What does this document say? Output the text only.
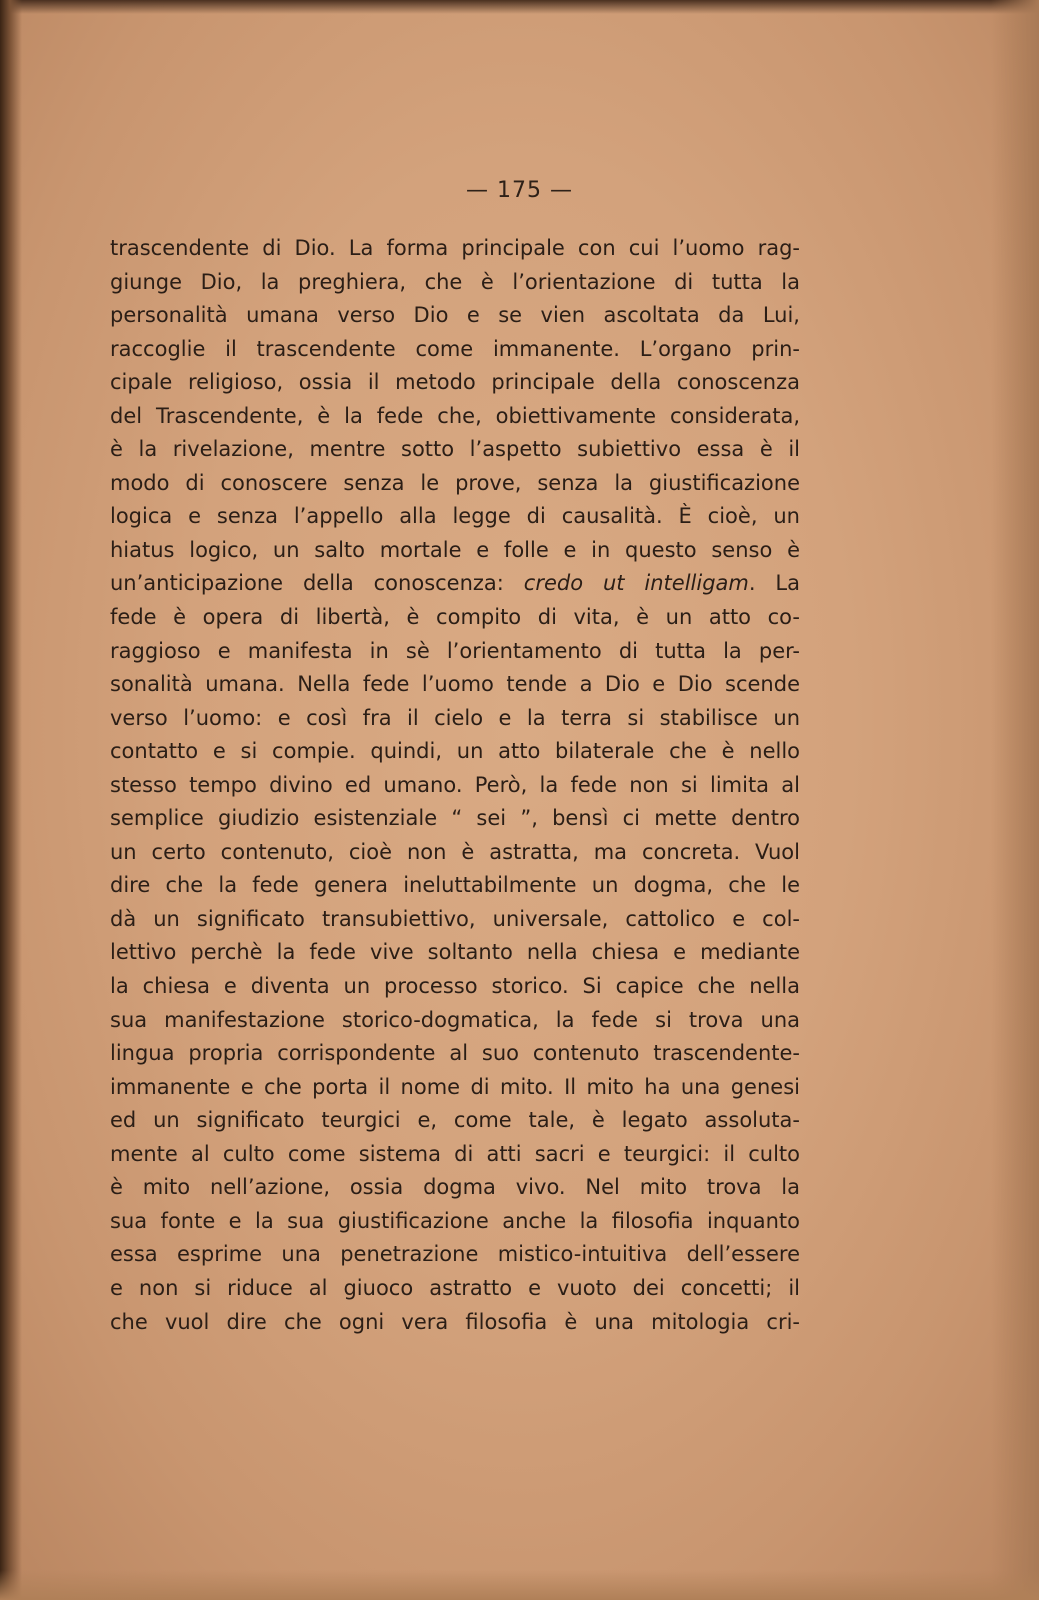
— 175 —
trascendente di Dio. La forma principale con cui l’uomo rag-
giunge Dio, la preghiera, che è l’orientazione di tutta la
personalità umana verso Dio e se vien ascoltata da Lui,
raccoglie il trascendente come immanente. L’organo prin-
cipale religioso, ossia il metodo principale della conoscenza
del Trascendente, è la fede che, obiettivamente considerata,
è la rivelazione, mentre sotto l’aspetto subiettivo essa è il
modo di conoscere senza le prove, senza la giustificazione
logica e senza l’appello alla legge di causalità. È cioè, un
hiatus logico, un salto mortale e folle e in questo senso è
un’anticipazione della conoscenza: credo ut intelligam. La
fede è opera di libertà, è compito di vita, è un atto co-
raggioso e manifesta in sè l’orientamento di tutta la per-
sonalità umana. Nella fede l’uomo tende a Dio e Dio scende
verso l’uomo: e così fra il cielo e la terra si stabilisce un
contatto e si compie. quindi, un atto bilaterale che è nello
stesso tempo divino ed umano. Però, la fede non si limita al
semplice giudizio esistenziale “ sei ”, bensì ci mette dentro
un certo contenuto, cioè non è astratta, ma concreta. Vuol
dire che la fede genera ineluttabilmente un dogma, che le
dà un significato transubiettivo, universale, cattolico e col-
lettivo perchè la fede vive soltanto nella chiesa e mediante
la chiesa e diventa un processo storico. Si capice che nella
sua manifestazione storico-dogmatica, la fede si trova una
lingua propria corrispondente al suo contenuto trascendente-
immanente e che porta il nome di mito. Il mito ha una genesi
ed un significato teurgici e, come tale, è legato assoluta-
mente al culto come sistema di atti sacri e teurgici: il culto
è mito nell’azione, ossia dogma vivo. Nel mito trova la
sua fonte e la sua giustificazione anche la filosofia inquanto
essa esprime una penetrazione mistico-intuitiva dell’essere
e non si riduce al giuoco astratto e vuoto dei concetti; il
che vuol dire che ogni vera filosofia è una mitologia cri-
